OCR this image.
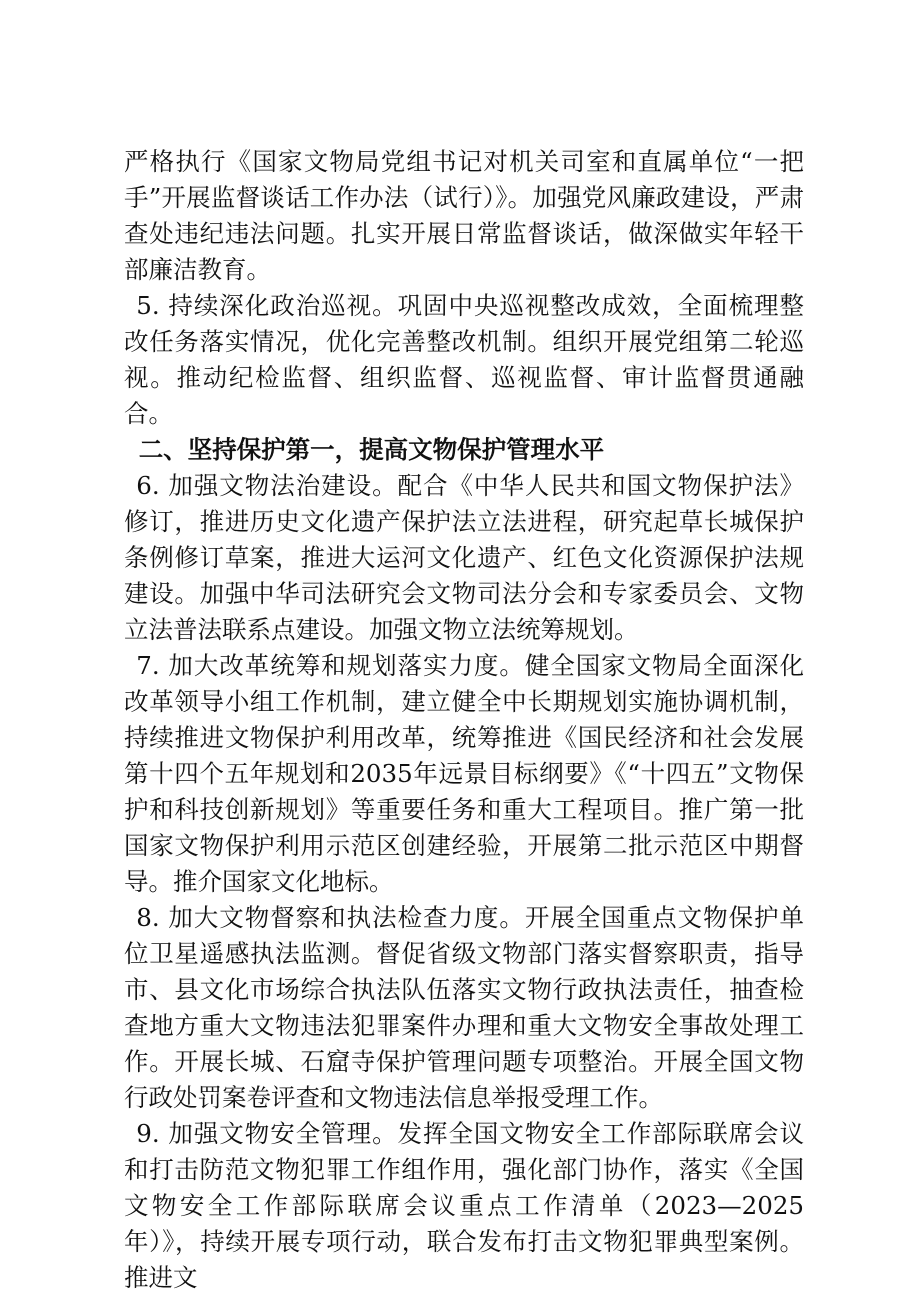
严格执行《国家文物局党组书记对机关司室和直属单位“一把手”开展监督谈话工作办法（试行）》。加强党风廉政建设，严肃查处违纪违法问题。扎实开展日常监督谈话，做深做实年轻干部廉洁教育。

5. 持续深化政治巡视。巩固中央巡视整改成效，全面梳理整改任务落实情况，优化完善整改机制。组织开展党组第二轮巡视。推动纪检监督、组织监督、巡视监督、审计监督贯通融合。

二、坚持保护第一，提高文物保护管理水平

6. 加强文物法治建设。配合《中华人民共和国文物保护法》修订，推进历史文化遗产保护法立法进程，研究起草长城保护条例修订草案，推进大运河文化遗产、红色文化资源保护法规建设。加强中华司法研究会文物司法分会和专家委员会、文物立法普法联系点建设。加强文物立法统筹规划。

7. 加大改革统筹和规划落实力度。健全国家文物局全面深化改革领导小组工作机制，建立健全中长期规划实施协调机制，持续推进文物保护利用改革，统筹推进《国民经济和社会发展第十四个五年规划和2035年远景目标纲要》《“十四五”文物保护和科技创新规划》等重要任务和重大工程项目。推广第一批国家文物保护利用示范区创建经验，开展第二批示范区中期督导。推介国家文化地标。

8. 加大文物督察和执法检查力度。开展全国重点文物保护单位卫星遥感执法监测。督促省级文物部门落实督察职责，指导市、县文化市场综合执法队伍落实文物行政执法责任，抽查检查地方重大文物违法犯罪案件办理和重大文物安全事故处理工作。开展长城、石窟寺保护管理问题专项整治。开展全国文物行政处罚案卷评查和文物违法信息举报受理工作。

9. 加强文物安全管理。发挥全国文物安全工作部际联席会议和打击防范文物犯罪工作组作用，强化部门协作，落实《全国文物安全工作部际联席会议重点工作清单（2023—2025年）》，持续开展专项行动，联合发布打击文物犯罪典型案例。推进文
